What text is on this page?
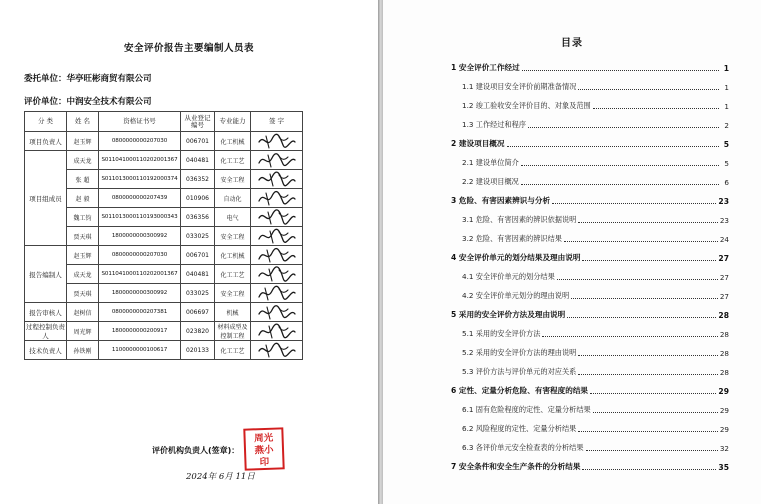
安全评价报告主要编制人员表
委托单位：华亭旺彬商贸有限公司
评价单位：中润安全技术有限公司
分 类	姓 名	资格证书号	从业登记编号	专业能力	签 字
项目负责人	赵玉辉	0800000000207030	006701	化工机械	

项目组成员	成天龙	S011041000110202001367	040481	化工工艺	

	张 超	S011013000110192000374	036352	安全工程	

	赵 毅	0800000000207439	010906	自动化	

	魏工钧	S011013000110193000343	036356	电气	

	贾天琪	1800000000300992	033025	安全工程	

报告编制人	赵玉辉	0800000000207030	006701	化工机械	

	成天龙	S011041000110202001367	040481	化工工艺	

	贾天琪	1800000000300992	033025	安全工程	

报告审核人	赵树信	0800000000207381	006697	机械	

过程控制负责人	周光辉	1800000000200917	023820	材料成型及控制工程	

技术负责人	孙铁刚	1100000000100617	020133	化工工艺	
评价机构负责人(签章)：
2024年 6月 11日
周光
燕小
印
目录
1 安全评价工作经过	1
1.1 建设项目安全评价前期准备情况	1
1.2 竣工验收安全评价目的、对象及范围	1
1.3 工作经过和程序	2
2 建设项目概况	5
2.1 建设单位简介	5
2.2 建设项目概况	6
3 危险、有害因素辨识与分析	23
3.1 危险、有害因素的辨识依据说明	23
3.2 危险、有害因素的辨识结果	24
4 安全评价单元的划分结果及理由说明	27
4.1 安全评价单元的划分结果	27
4.2 安全评价单元划分的理由说明	27
5 采用的安全评价方法及理由说明	28
5.1 采用的安全评价方法	28
5.2 采用的安全评价方法的理由说明	28
5.3 评价方法与评价单元的对应关系	28
6 定性、定量分析危险、有害程度的结果	29
6.1 固有危险程度的定性、定量分析结果	29
6.2 风险程度的定性、定量分析结果	29
6.3 各评价单元安全检查表的分析结果	32
7 安全条件和安全生产条件的分析结果	35
